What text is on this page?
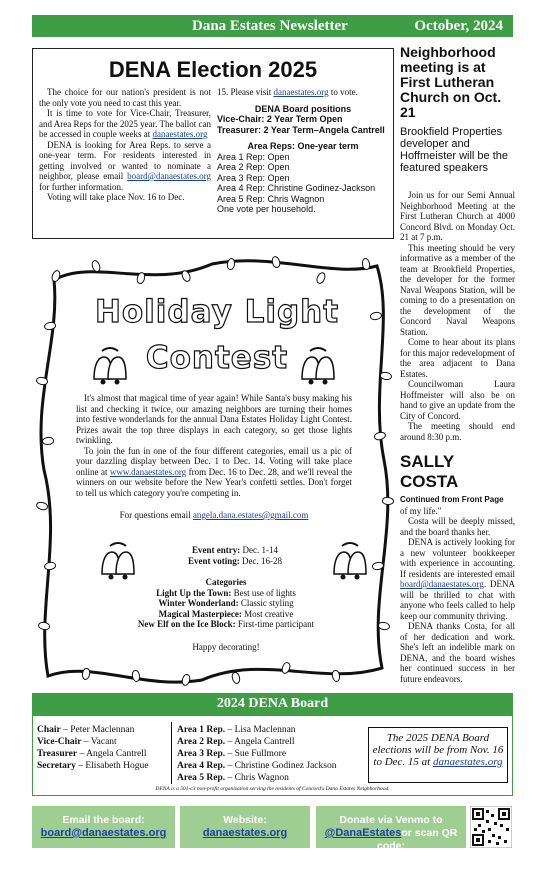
Dana Estates Newsletter	October, 2024
DENA Election 2025

The choice for our nation's president is not the only vote you need to cast this year.

It is time to vote for Vice-Chair, Treasurer, and Area Reps for the 2025 year. The ballot can be accessed in couple weeks at danaestates.org

DENA is looking for Area Reps. to serve a one-year term. For residents interested in getting involved or wanted to nominate a neighbor, please email board@danaestates.org for further information.

Voting will take place Nov. 16 to Dec.

15. Please visit danaestates.org to vote.
DENA Board positions
Vice-Chair: 2 Year Term Open
Treasurer: 2 Year Term–Angela Cantrell
Area Reps: One-year term
Area 1 Rep: Open
Area 2 Rep: Open
Area 3 Rep: Open
Area 4 Rep: Christine Godinez-Jackson
Area 5 Rep: Chris Wagnon
One vote per household.
Neighborhood meeting is at First Lutheran Church on Oct. 21
Brookfield Properties developer and Hoffmeister will be the featured speakers

Join us for our Semi Annual Neighborhood Meeting at the First Lutheran Church at 4000 Concord Blvd. on Monday Oct. 21 at 7 p.m.

This meeting should be very informative as a member of the team at Brookfield Properties, the developer for the former Naval Weapons Station, will be coming to do a presentation on the development of the Concord Naval Weapons Station.

Come to hear about its plans for this major redevelopment of the area adjacent to Dana Estates.

Councilwoman Laura Hoffmeister will also be on hand to give an update from the City of Concord.

The meeting should end around 8:30 p.m.

SALLY COSTA
Continued from Front Page
of my life."

Costa will be deeply missed, and the board thanks her.

DENA is actively looking for a new volunteer bookkeeper with experience in accounting. If residents are interested email board@danaestates.org. DENA will be thrilled to chat with anyone who feels called to help keep our community thriving.

DENA thanks Costa, for all of her dedication and work. She's left an indelible mark on DENA, and the board wishes her continued success in her future endeavors.

Holiday Light
Contest

It's almost that magical time of year again! While Santa's busy making his list and checking it twice, our amazing neighbors are turning their homes into festive wonderlands for the annual Dana Estates Holiday Light Contest. Prizes await the top three displays in each category, so get those lights twinkling.

To join the fun in one of the four different categories, email us a pic of your dazzling display between Dec. 1 to Dec. 14. Voting will take place online at www.danaestates.org from Dec. 16 to Dec. 28, and we'll reveal the winners on our website before the New Year's confetti settles. Don't forget to tell us which category you're competing in.

For questions email angela.dana.estates@gmail.com
Event entry: Dec. 1-14
Event voting: Dec. 16-28
Categories
Light Up the Town: Best use of lights
Winter Wonderland: Classic styling
Magical Masterpiece: Most creative
New Elf on the Ice Block: First-time participant
Happy decorating!
2024 DENA Board
Chair – Peter Maclennan
Vice-Chair – Vacant
Treasurer – Angela Cantrell
Secretary – Elisabeth Hogue
Area 1 Rep. – Lisa Maclennan
Area 2 Rep. – Angela Cantrell
Area 3 Rep. – Sue Fullmore
Area 4 Rep. – Christine Godinez Jackson
Area 5 Rep. – Chris Wagnon
The 2025 DENA Board elections will be from Nov. 16 to Dec. 15 at danaestates.org
DENA is a 501-c3 non-profit organization serving the residents of Concord's Dana Estates Neighborhood.
Email the board:
board@danaestates.org
Website:
danaestates.org
Donate via Venmo to
@DanaEstatesor scan QR code:
